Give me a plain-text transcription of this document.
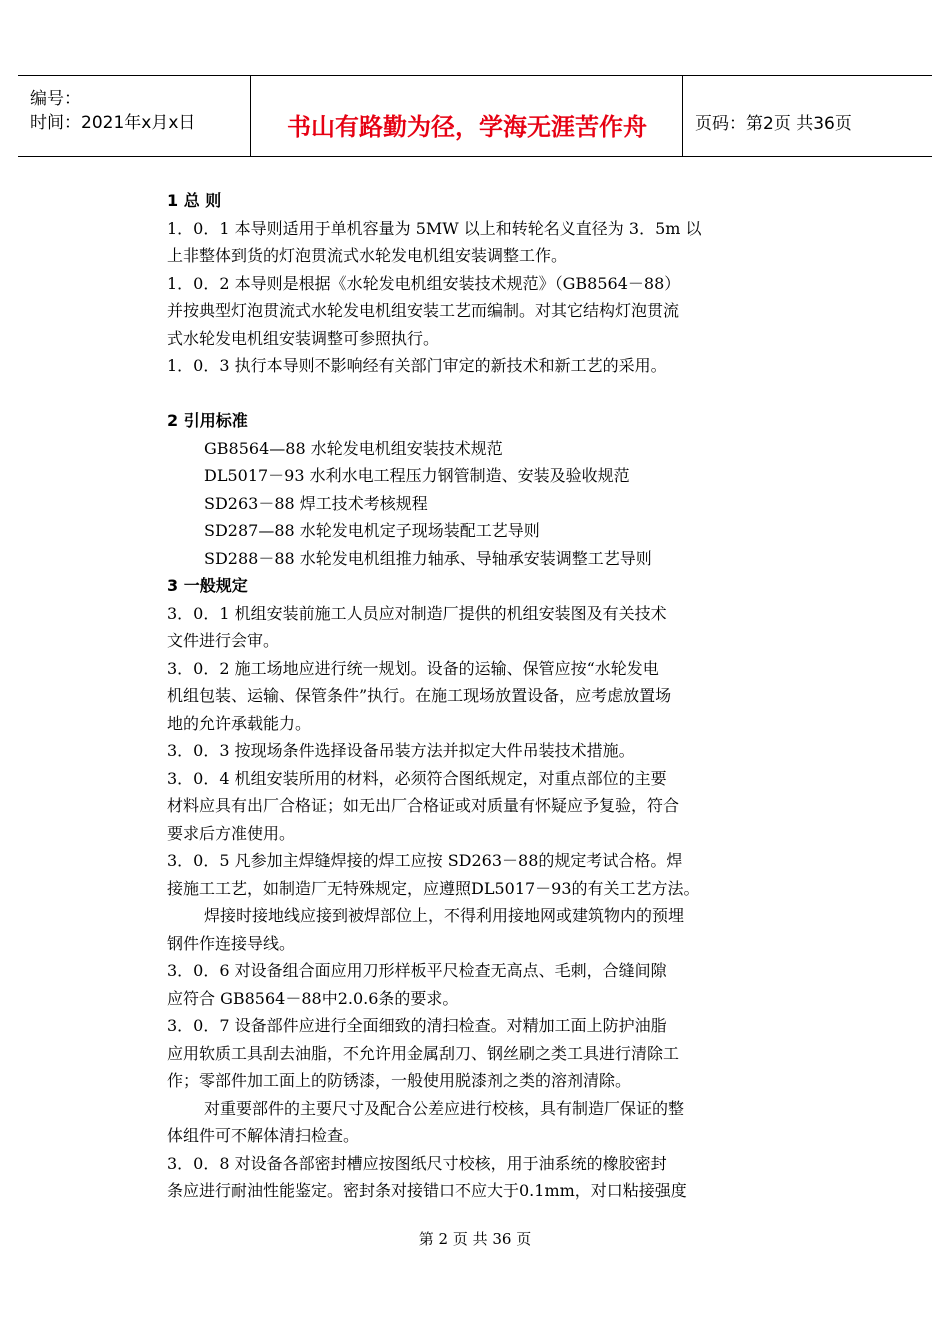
编号：
时间：2021年x月x日	书山有路勤为径，学海无涯苦作舟	页码：第2页 共36页
1 总 则
1．0．1 本导则适用于单机容量为 5MW 以上和转轮名义直径为 3．5m 以
上非整体到货的灯泡贯流式水轮发电机组安装调整工作。
1．0．2 本导则是根据《水轮发电机组安装技术规范》（GB8564－88）
并按典型灯泡贯流式水轮发电机组安装工艺而编制。对其它结构灯泡贯流
式水轮发电机组安装调整可参照执行。
1．0．3 执行本导则不影响经有关部门审定的新技术和新工艺的采用。
2 引用标准
GB8564—88 水轮发电机组安装技术规范
DL5017－93 水利水电工程压力钢管制造、安装及验收规范
SD263－88 焊工技术考核规程
SD287—88 水轮发电机定子现场装配工艺导则
SD288－88 水轮发电机组推力轴承、导轴承安装调整工艺导则
3 一般规定
3．0．1 机组安装前施工人员应对制造厂提供的机组安装图及有关技术
文件进行会审。
3．0．2 施工场地应进行统一规划。设备的运输、保管应按“水轮发电
机组包装、运输、保管条件”执行。在施工现场放置设备，应考虑放置场
地的允许承载能力。
3．0．3 按现场条件选择设备吊装方法并拟定大件吊装技术措施。
3．0．4 机组安装所用的材料，必须符合图纸规定，对重点部位的主要
材料应具有出厂合格证；如无出厂合格证或对质量有怀疑应予复验，符合
要求后方准使用。
3．0．5 凡参加主焊缝焊接的焊工应按 SD263－88的规定考试合格。焊
接施工工艺，如制造厂无特殊规定，应遵照DL5017－93的有关工艺方法。
焊接时接地线应接到被焊部位上，不得利用接地网或建筑物内的预埋
钢件作连接导线。
3．0．6 对设备组合面应用刀形样板平尺检查无高点、毛刺，合缝间隙
应符合 GB8564－88中2.0.6条的要求。
3．0．7 设备部件应进行全面细致的清扫检查。对精加工面上防护油脂
应用软质工具刮去油脂，不允许用金属刮刀、钢丝刷之类工具进行清除工
作；零部件加工面上的防锈漆，一般使用脱漆剂之类的溶剂清除。
对重要部件的主要尺寸及配合公差应进行校核，具有制造厂保证的整
体组件可不解体清扫检查。
3．0．8 对设备各部密封槽应按图纸尺寸校核，用于油系统的橡胶密封
条应进行耐油性能鉴定。密封条对接错口不应大于0.1mm，对口粘接强度
第 2 页 共 36 页
